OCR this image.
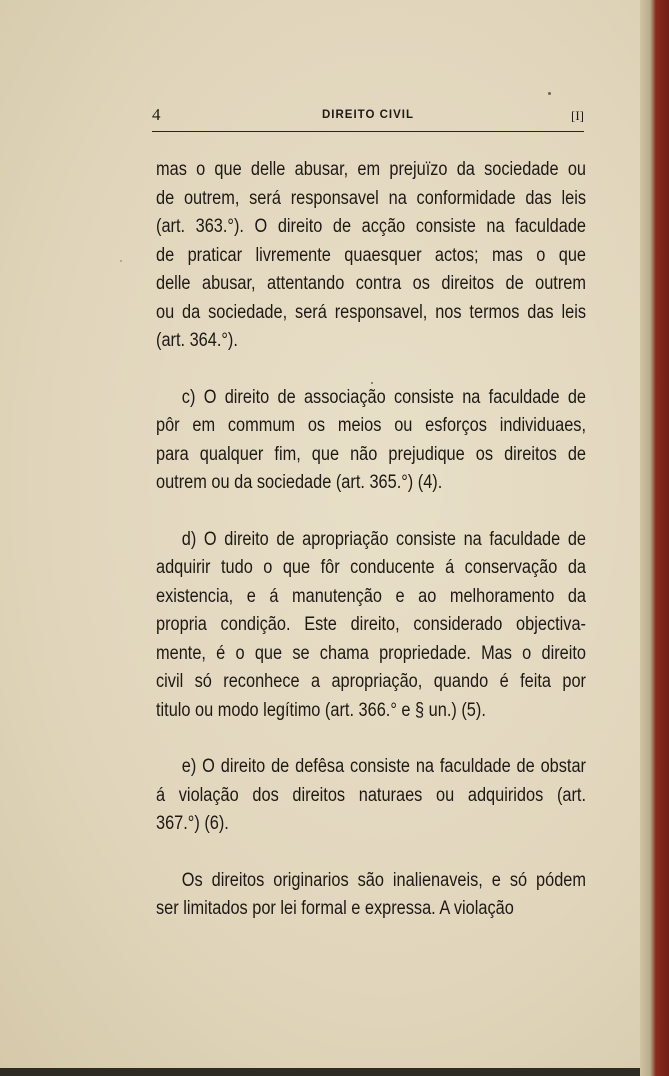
4	DIREITO CIVIL	[I]
mas o que delle abusar, em prejuïzo da sociedade ou
de outrem, será responsavel na conformidade das leis
(art. 363.°). O direito de acção consiste na faculdade
de praticar livremente quaesquer actos; mas o que
delle abusar, attentando contra os direitos de outrem
ou da sociedade, será responsavel, nos termos das leis
(art. 364.°).
c) O direito de associação consiste na faculdade de
pôr em commum os meios ou esforços individuaes,
para qualquer fim, que não prejudique os direitos de
outrem ou da sociedade (art. 365.°) (4).
d) O direito de apropriação consiste na faculdade de
adquirir tudo o que fôr conducente á conservação da
existencia, e á manutenção e ao melhoramento da
propria condição. Este direito, considerado objectiva-
mente, é o que se chama propriedade. Mas o direito
civil só reconhece a apropriação, quando é feita por
titulo ou modo legítimo (art. 366.° e § un.) (5).
e) O direito de defêsa consiste na faculdade de obstar
á violação dos direitos naturaes ou adquiridos (art.
367.°) (6).
Os direitos originarios são inalienaveis, e só pódem
ser limitados por lei formal e expressa. A violação
